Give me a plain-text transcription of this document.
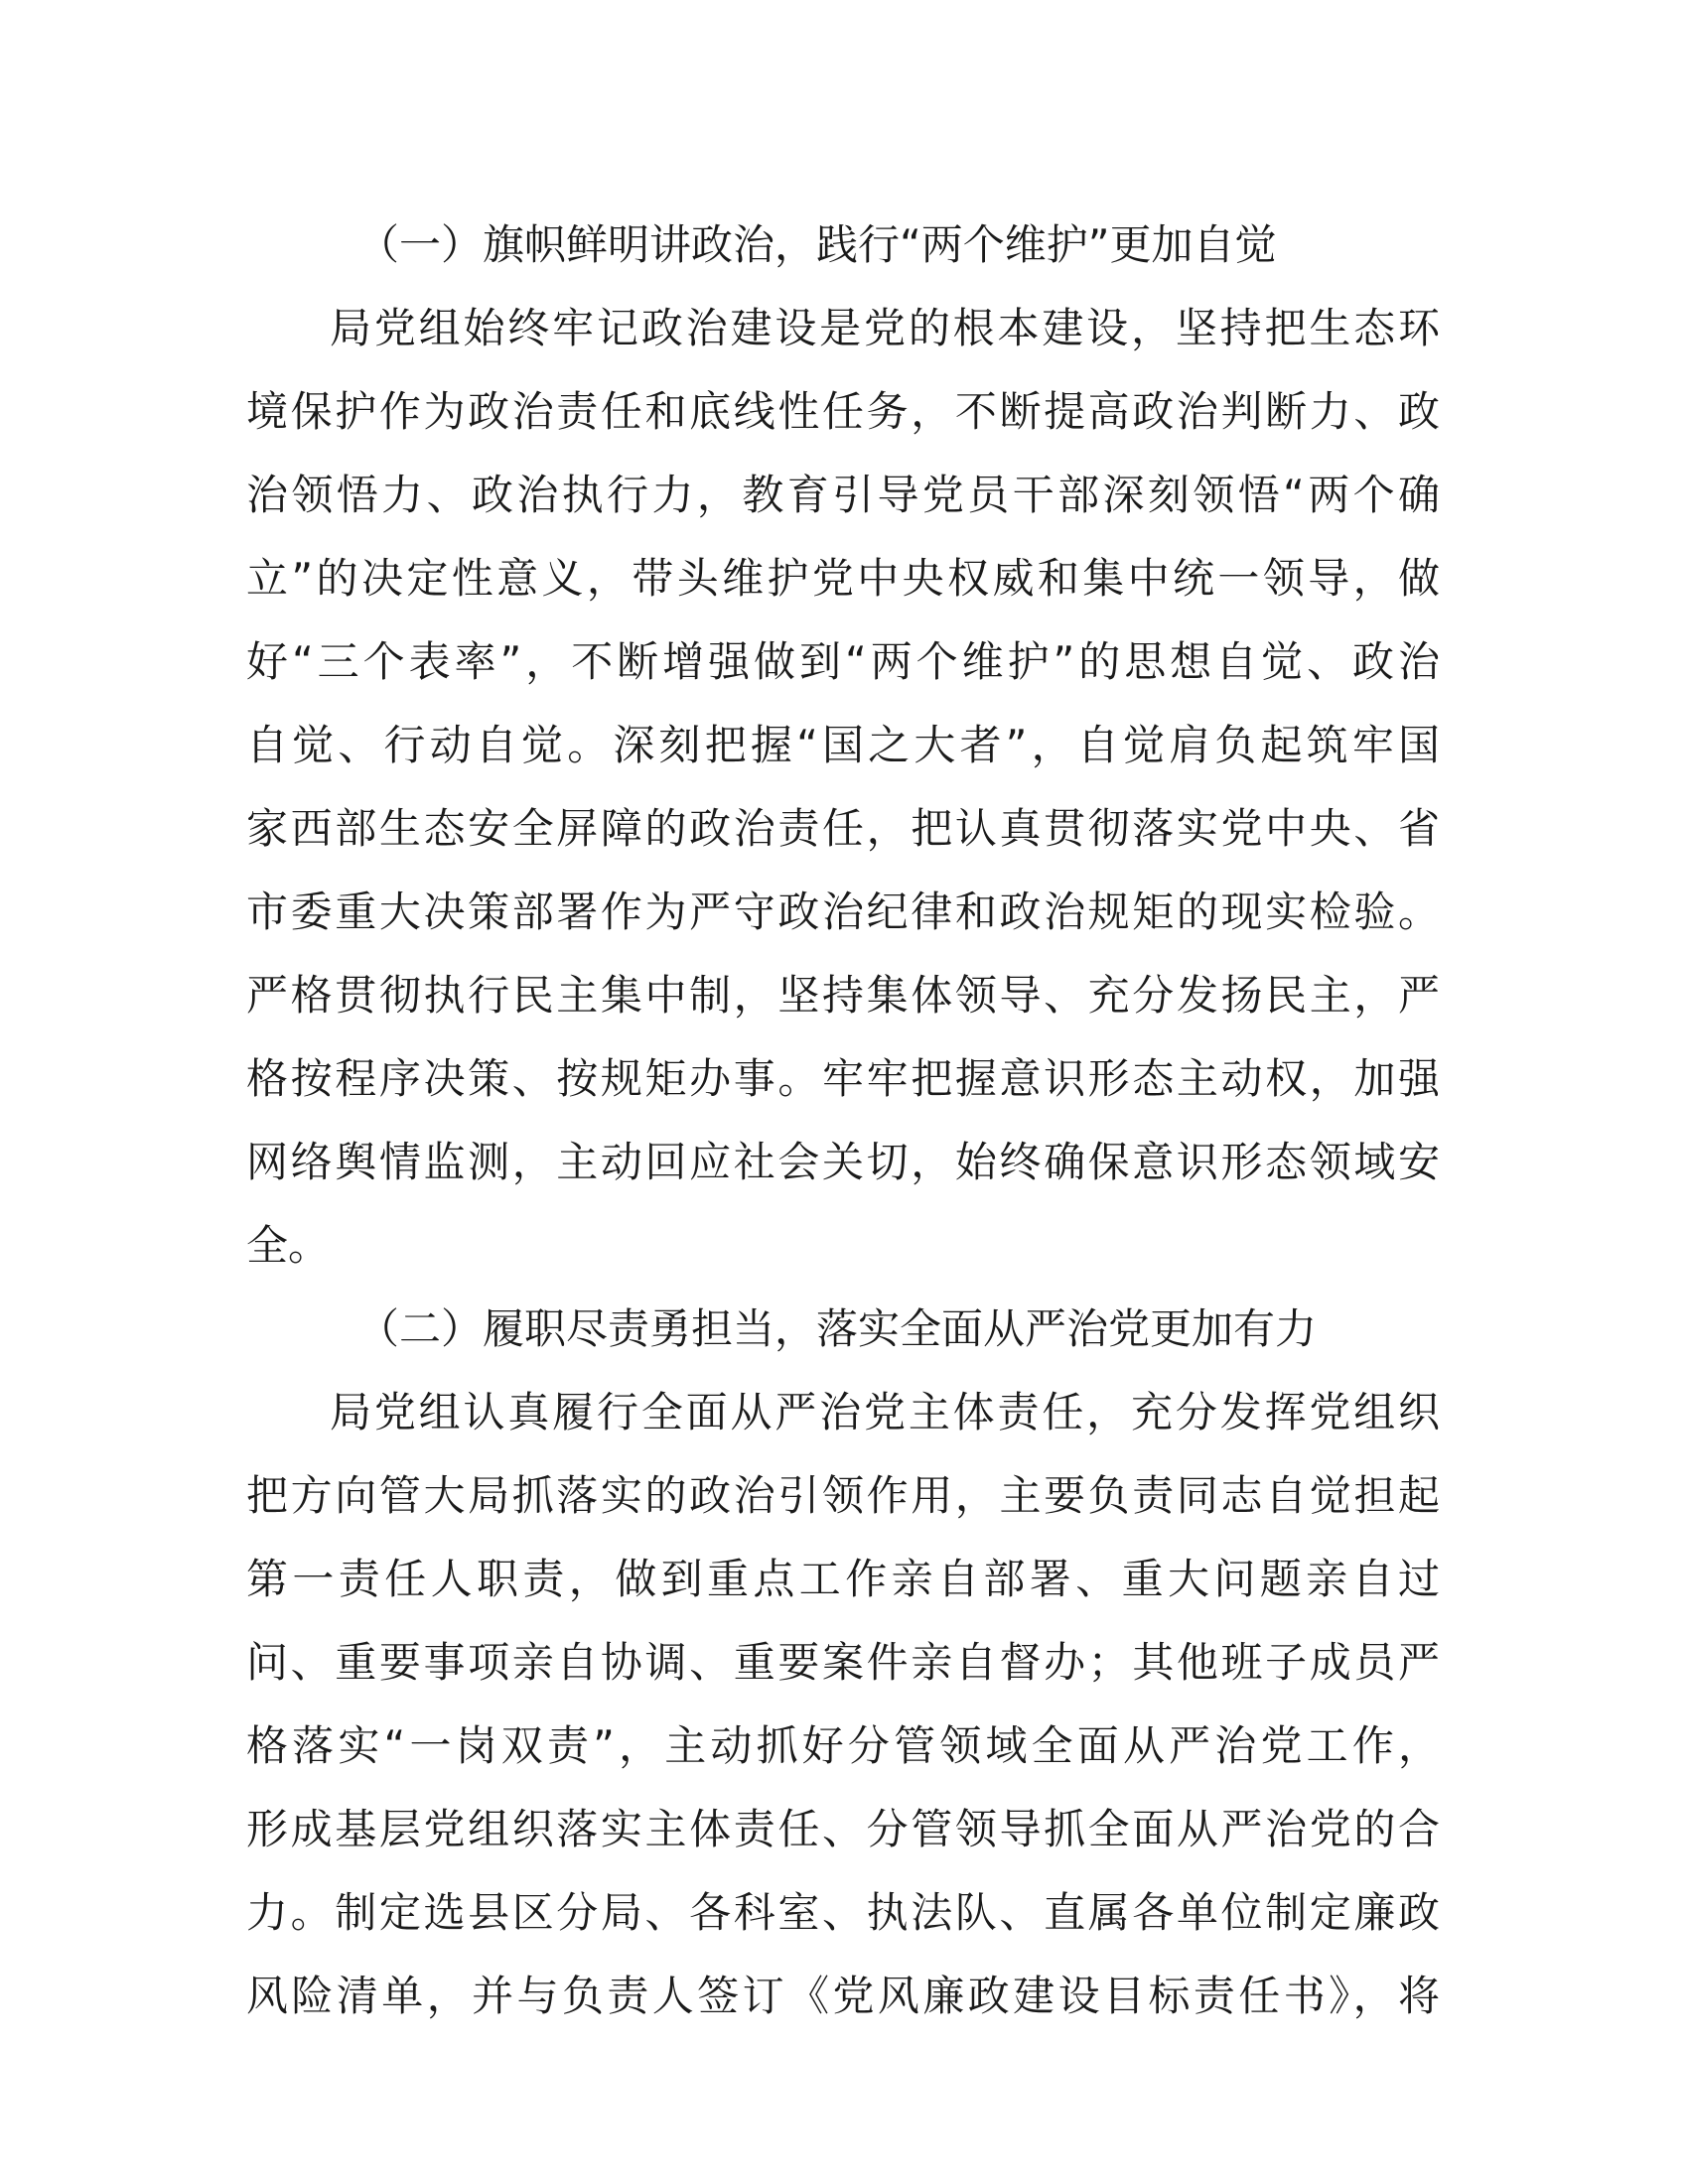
（一）旗帜鲜明讲政治，践行“两个维护”更加自觉
局党组始终牢记政治建设是党的根本建设，坚持把生态环
境保护作为政治责任和底线性任务，不断提高政治判断力、政
治领悟力、政治执行力，教育引导党员干部深刻领悟“两个确
立”的决定性意义，带头维护党中央权威和集中统一领导，做
好“三个表率”，不断增强做到“两个维护”的思想自觉、政治
自觉、行动自觉。深刻把握“国之大者”，自觉肩负起筑牢国
家西部生态安全屏障的政治责任，把认真贯彻落实党中央、省
市委重大决策部署作为严守政治纪律和政治规矩的现实检验。
严格贯彻执行民主集中制，坚持集体领导、充分发扬民主，严
格按程序决策、按规矩办事。牢牢把握意识形态主动权，加强
网络舆情监测，主动回应社会关切，始终确保意识形态领域安
全。
（二）履职尽责勇担当，落实全面从严治党更加有力
局党组认真履行全面从严治党主体责任，充分发挥党组织
把方向管大局抓落实的政治引领作用，主要负责同志自觉担起
第一责任人职责，做到重点工作亲自部署、重大问题亲自过
问、重要事项亲自协调、重要案件亲自督办；其他班子成员严
格落实“一岗双责”，主动抓好分管领域全面从严治党工作，
形成基层党组织落实主体责任、分管领导抓全面从严治党的合
力。制定选县区分局、各科室、执法队、直属各单位制定廉政
风险清单，并与负责人签订《党风廉政建设目标责任书》，将
